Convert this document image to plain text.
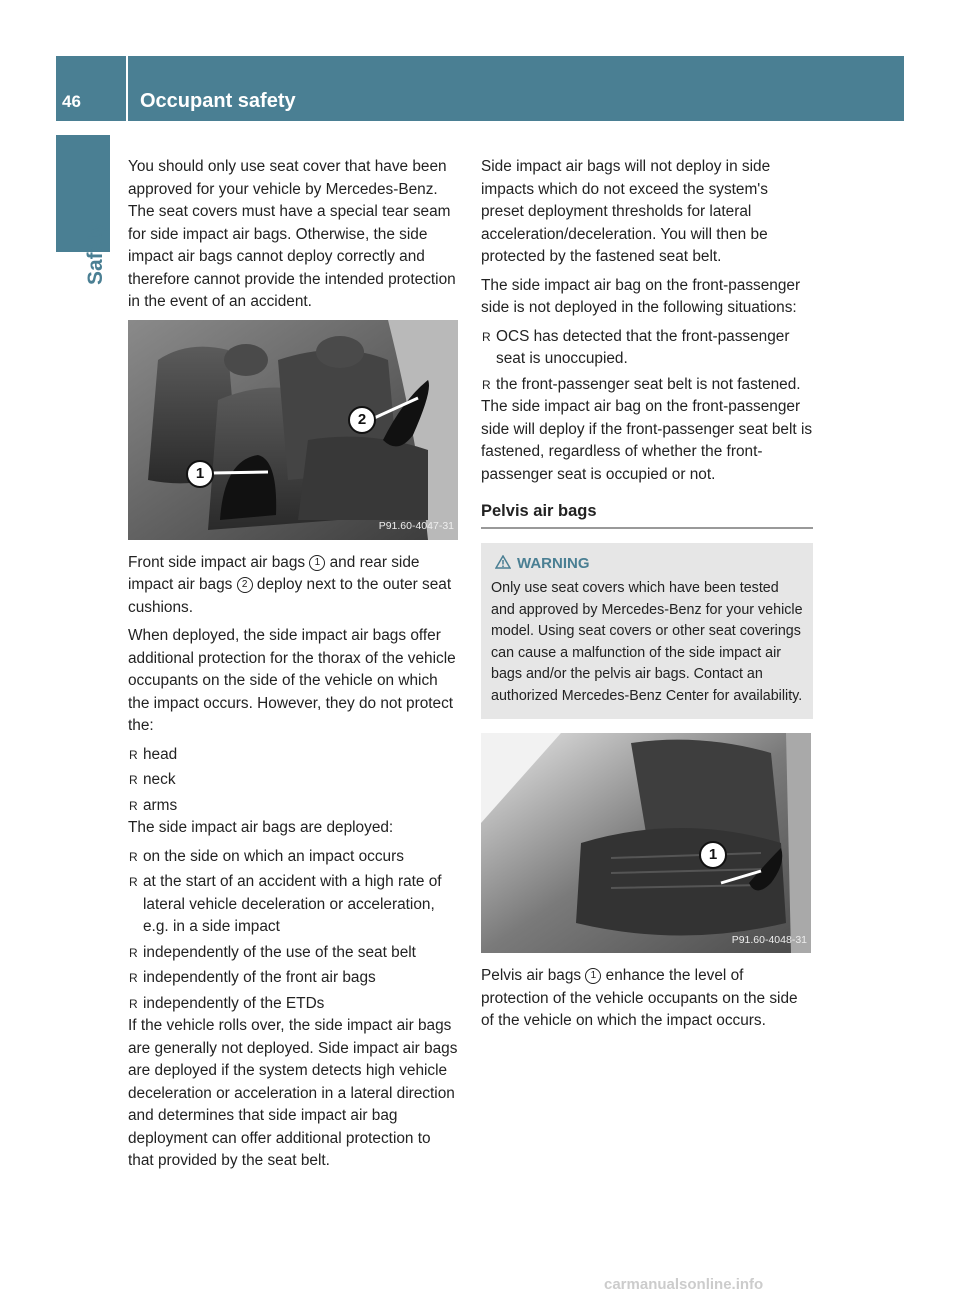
46	Occupant safety
Safety

You should only use seat cover that have been approved for your vehicle by Mercedes-Benz. The seat covers must have a special tear seam for side impact air bags. Otherwise, the side impact air bags cannot deploy correctly and therefore cannot provide the intended protection in the event of an accident.

1
2
P91.60-4047-31

Front side impact air bags 1 and rear side impact air bags 2 deploy next to the outer seat cushions.

When deployed, the side impact air bags offer additional protection for the thorax of the vehicle occupants on the side of the vehicle on which the impact occurs. However, they do not protect the:

R head
R neck
R arms

The side impact air bags are deployed:

R on the side on which an impact occurs
R at the start of an accident with a high rate of lateral vehicle deceleration or acceleration, e.g. in a side impact
R independently of the use of the seat belt
R independently of the front air bags
R independently of the ETDs

If the vehicle rolls over, the side impact air bags are generally not deployed. Side impact air bags are deployed if the system detects high vehicle deceleration or acceleration in a lateral direction and determines that side impact air bag deployment can offer additional protection to that provided by the seat belt.

Side impact air bags will not deploy in side impacts which do not exceed the system's preset deployment thresholds for lateral acceleration/deceleration. You will then be protected by the fastened seat belt.

The side impact air bag on the front-passenger side is not deployed in the following situations:

R OCS has detected that the front-passenger seat is unoccupied.
R the front-passenger seat belt is not fastened.

The side impact air bag on the front-passenger side will deploy if the front-passenger seat belt is fastened, regardless of whether the front-passenger seat is occupied or not.

Pelvis air bags
WARNING
Only use seat covers which have been tested and approved by Mercedes-Benz for your vehicle model. Using seat covers or other seat coverings can cause a malfunction of the side impact air bags and/or the pelvis air bags. Contact an authorized Mercedes-Benz Center for availability.
1
P91.60-4048-31

Pelvis air bags 1 enhance the level of protection of the vehicle occupants on the side of the vehicle on which the impact occurs.

carmanualsonline.info
